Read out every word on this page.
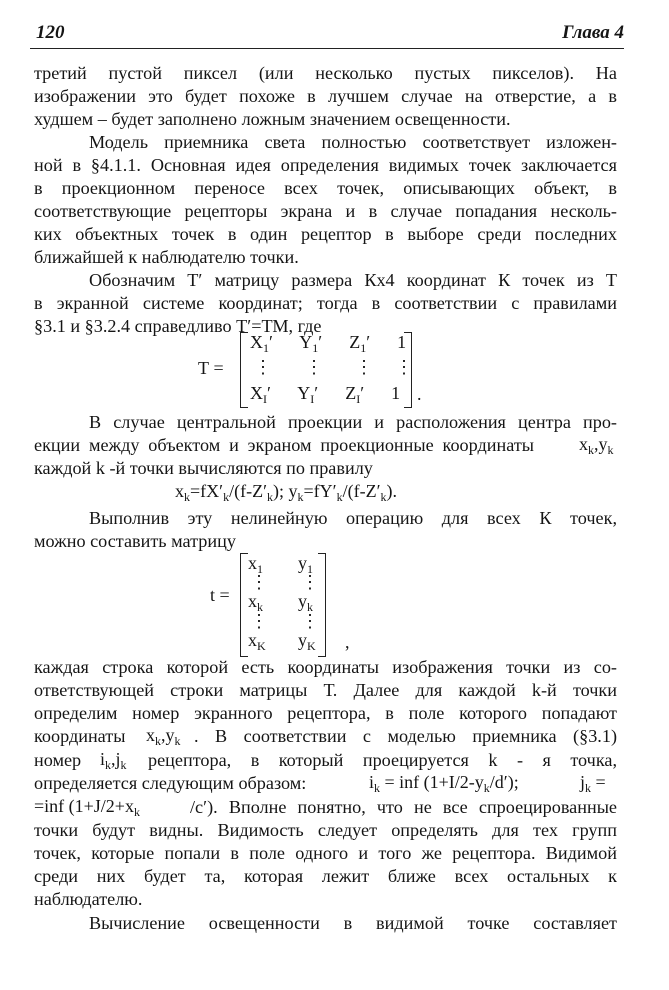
120	Глава 4
третий пустой пиксел (или несколько пустых пикселов). На
изображении это будет похоже в лучшем случае на отверстие, а в
худшем – будет заполнено ложным значением освещенности.
Модель приемника света полностью соответствует изложен-
ной в §4.1.1. Основная идея определения видимых точек заключается
в проекционном переносе всех точек, описывающих объект, в
соответствующие рецепторы экрана и в случае попадания несколь-
ких объектных точек в один рецептор в выборе среди последних
ближайшей к наблюдателю точки.
Обозначим Т′ матрицу размера Кх4 координат К точек из Т
в экранной системе координат; тогда в соответствии с правилами
§3.1 и §3.2.4 справедливо Т′=ТМ, где
Т =
$X_1'$ $Y_1'$ $Z_1'$ 1
⋮ ⋮ ⋮ ⋮
$X_I'$ $Y_I'$ $Z_I'$ 1 .
В случае центральной проекции и расположения центра про-
екции между объектом и экраном проекционные координаты	$x_k,y_k$
каждой k -й точки вычисляются по правилу
$x_k=fX'_k/(f-Z'_k)$; $y_k=fY'_k/(f-Z'_k)$.
Выполнив эту нелинейную операцию для всех К точек,
можно составить матрицу
t =
$x_1$ $y_1$
⋮ ⋮
$x_k$ $y_k$
⋮ ⋮
$x_K$ $y_K$ ,
каждая строка которой есть координаты изображения точки из со-
ответствующей строки матрицы Т. Далее для каждой k-й точки
определим номер экранного рецептора, в поле которого попадают
координаты	$x_k,y_k$ . В соответствии с моделью приемника (§3.1)
номер	$i_k,j_k$ рецептора, в который проецируется k - я точка,
определяется следующим образом:	$i_k$ = inf $(1+I/2-y_k/d')$;	$j_k$ =
=inf ($1+J/2+x_k$	/c′). Вполне понятно, что не все спроецированные
точки будут видны. Видимость следует определять для тех групп
точек, которые попали в поле одного и того же рецептора. Видимой
среди них будет та, которая лежит ближе всех остальных к
наблюдателю.
Вычисление освещенности в видимой точке составляет
